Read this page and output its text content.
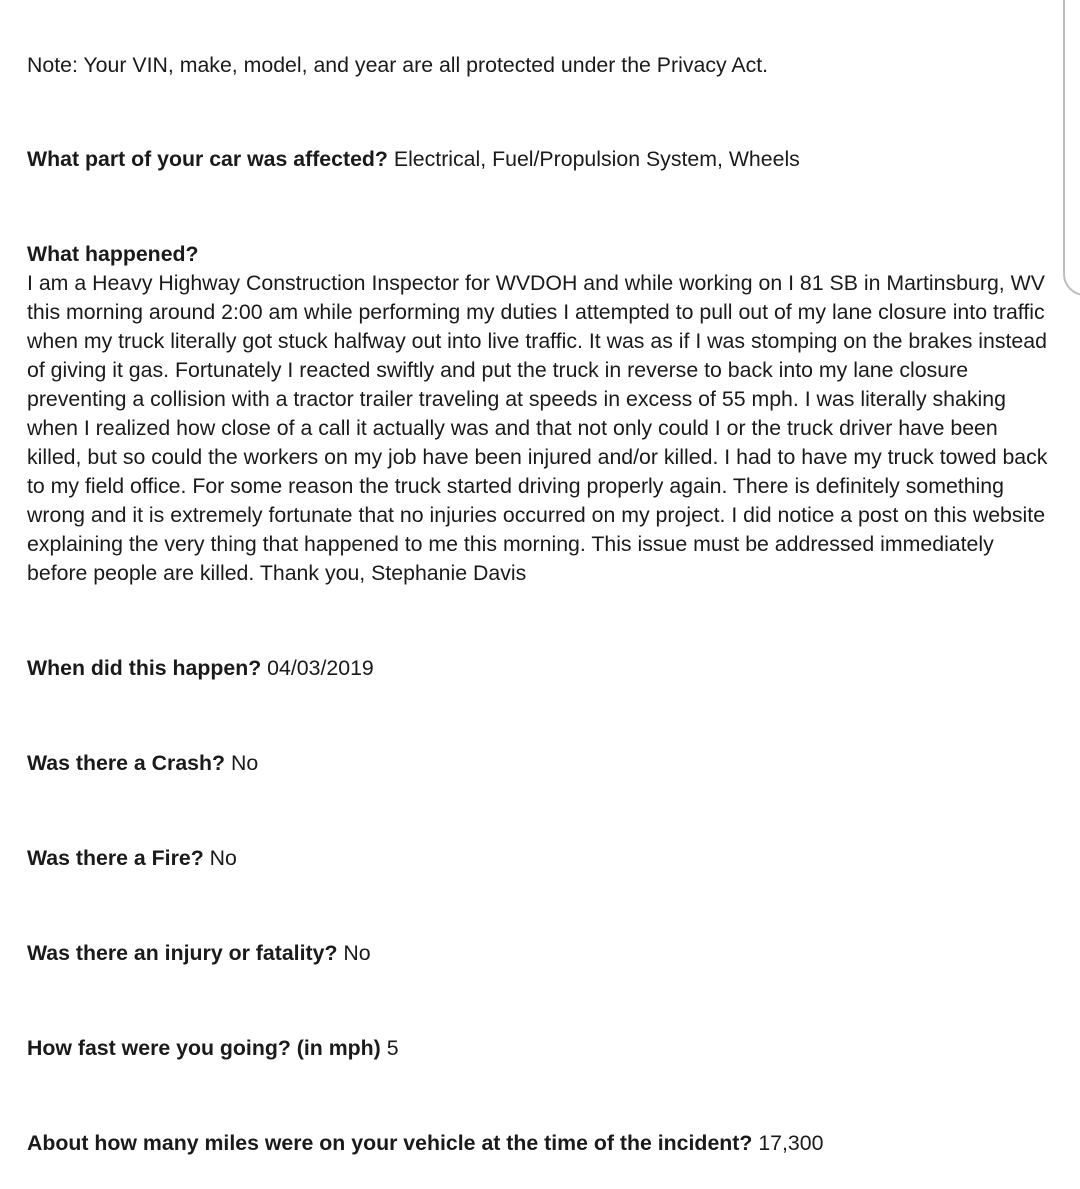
Note: Your VIN, make, model, and year are all protected under the Privacy Act.

What part of your car was affected? Electrical, Fuel/Propulsion System, Wheels

What happened?

I am a Heavy Highway Construction Inspector for WVDOH and while working on I 81 SB in Martinsburg, WV this morning around 2:00 am while performing my duties I attempted to pull out of my lane closure into traffic when my truck literally got stuck halfway out into live traffic. It was as if I was stomping on the brakes instead of giving it gas. Fortunately I reacted swiftly and put the truck in reverse to back into my lane closure preventing a collision with a tractor trailer traveling at speeds in excess of 55 mph. I was literally shaking when I realized how close of a call it actually was and that not only could I or the truck driver have been killed, but so could the workers on my job have been injured and/or killed. I had to have my truck towed back to my field office. For some reason the truck started driving properly again. There is definitely something wrong and it is extremely fortunate that no injuries occurred on my project. I did notice a post on this website explaining the very thing that happened to me this morning. This issue must be addressed immediately before people are killed. Thank you, Stephanie Davis

When did this happen? 04/03/2019

Was there a Crash? No

Was there a Fire? No

Was there an injury or fatality? No

How fast were you going? (in mph) 5

About how many miles were on your vehicle at the time of the incident? 17,300
